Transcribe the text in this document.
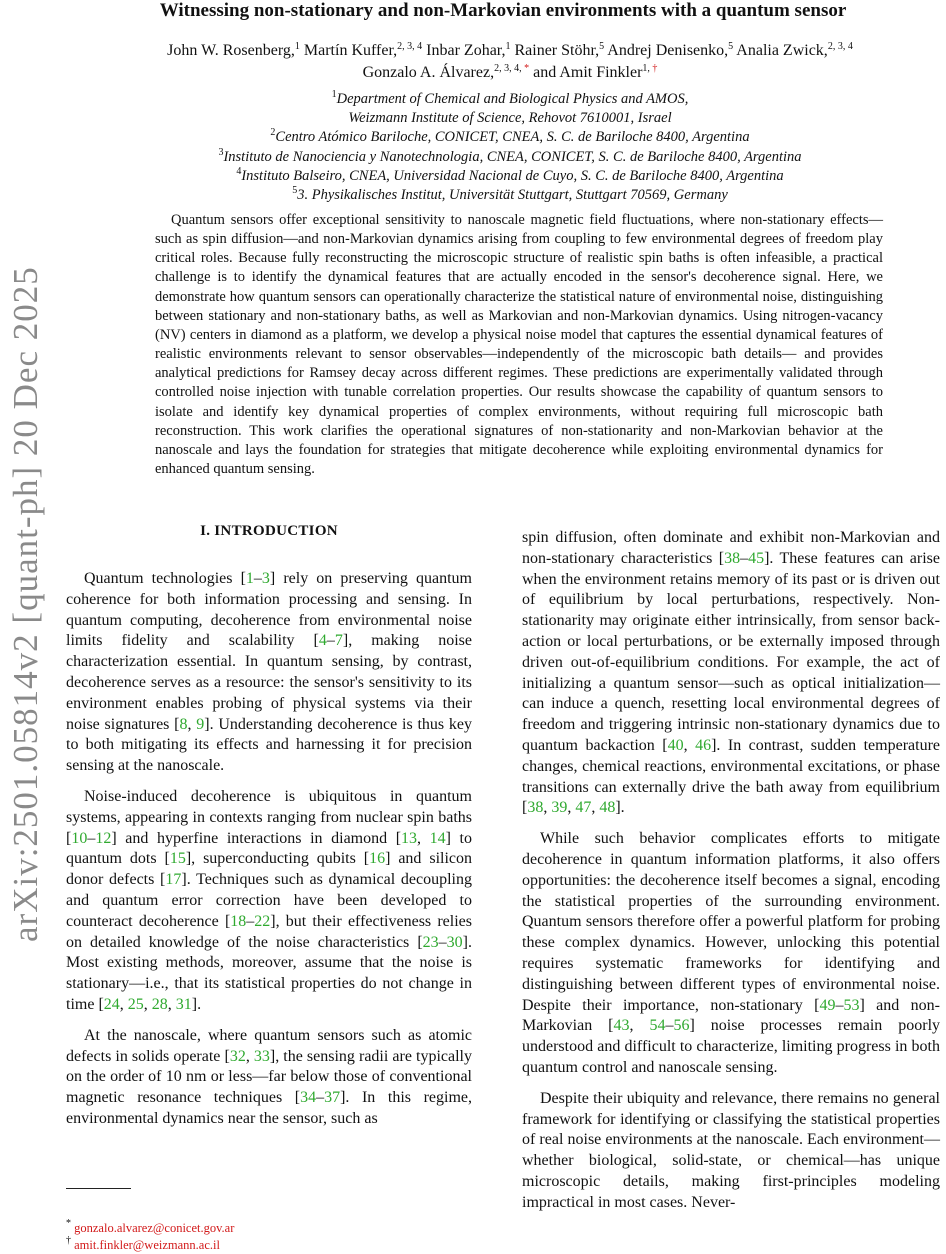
arXiv:2501.05814v2 [quant-ph] 20 Dec 2025
Witnessing non-stationary and non-Markovian environments with a quantum sensor
John W. Rosenberg,$^1$ Martín Kuffer,$^{2, 3, 4}$ Inbar Zohar,$^1$ Rainer Stöhr,$^5$ Andrej Denisenko,$^5$ Analia Zwick,$^{2, 3, 4}$ Gonzalo A. Álvarez,$^{2, 3, 4,}$ * and Amit Finkler$^{1,}$ †
$^1$Department of Chemical and Biological Physics and AMOS,
Weizmann Institute of Science, Rehovot 7610001, Israel
$^2$Centro Atómico Bariloche, CONICET, CNEA, S. C. de Bariloche 8400, Argentina
$^3$Instituto de Nanociencia y Nanotechnologia, CNEA, CONICET, S. C. de Bariloche 8400, Argentina
$^4$Instituto Balseiro, CNEA, Universidad Nacional de Cuyo, S. C. de Bariloche 8400, Argentina
$^5$3. Physikalisches Institut, Universität Stuttgart, Stuttgart 70569, Germany

Quantum sensors offer exceptional sensitivity to nanoscale magnetic field fluctuations, where non-stationary effects—such as spin diffusion—and non-Markovian dynamics arising from coupling to few environmental degrees of freedom play critical roles. Because fully reconstructing the microscopic structure of realistic spin baths is often infeasible, a practical challenge is to identify the dynamical features that are actually encoded in the sensor's decoherence signal. Here, we demonstrate how quantum sensors can operationally characterize the statistical nature of environmental noise, distinguishing between stationary and non-stationary baths, as well as Markovian and non-Markovian dynamics. Using nitrogen-vacancy (NV) centers in diamond as a platform, we develop a physical noise model that captures the essential dynamical features of realistic environments relevant to sensor observables—independently of the microscopic bath details— and provides analytical predictions for Ramsey decay across different regimes. These predictions are experimentally validated through controlled noise injection with tunable correlation properties. Our results showcase the capability of quantum sensors to isolate and identify key dynamical properties of complex environments, without requiring full microscopic bath reconstruction. This work clarifies the operational signatures of non-stationarity and non-Markovian behavior at the nanoscale and lays the foundation for strategies that mitigate decoherence while exploiting environmental dynamics for enhanced quantum sensing.

I. INTRODUCTION

Quantum technologies [1–3] rely on preserving quantum coherence for both information processing and sensing. In quantum computing, decoherence from environmental noise limits fidelity and scalability [4–7], making noise characterization essential. In quantum sensing, by contrast, decoherence serves as a resource: the sensor's sensitivity to its environment enables probing of physical systems via their noise signatures [8, 9]. Understanding decoherence is thus key to both mitigating its effects and harnessing it for precision sensing at the nanoscale.

Noise-induced decoherence is ubiquitous in quantum systems, appearing in contexts ranging from nuclear spin baths [10–12] and hyperfine interactions in diamond [13, 14] to quantum dots [15], superconducting qubits [16] and silicon donor defects [17]. Techniques such as dynamical decoupling and quantum error correction have been developed to counteract decoherence [18–22], but their effectiveness relies on detailed knowledge of the noise characteristics [23–30]. Most existing methods, moreover, assume that the noise is stationary—i.e., that its statistical properties do not change in time [24, 25, 28, 31].

At the nanoscale, where quantum sensors such as atomic defects in solids operate [32, 33], the sensing radii are typically on the order of 10 nm or less—far below those of conventional magnetic resonance techniques [34–37]. In this regime, environmental dynamics near the sensor, such as

spin diffusion, often dominate and exhibit non-Markovian and non-stationary characteristics [38–45]. These features can arise when the environment retains memory of its past or is driven out of equilibrium by local perturbations, respectively. Non-stationarity may originate either intrinsically, from sensor back-action or local perturbations, or be externally imposed through driven out-of-equilibrium conditions. For example, the act of initializing a quantum sensor—such as optical initialization—can induce a quench, resetting local environmental degrees of freedom and triggering intrinsic non-stationary dynamics due to quantum backaction [40, 46]. In contrast, sudden temperature changes, chemical reactions, environmental excitations, or phase transitions can externally drive the bath away from equilibrium [38, 39, 47, 48].

While such behavior complicates efforts to mitigate decoherence in quantum information platforms, it also offers opportunities: the decoherence itself becomes a signal, encoding the statistical properties of the surrounding environment. Quantum sensors therefore offer a powerful platform for probing these complex dynamics. However, unlocking this potential requires systematic frameworks for identifying and distinguishing between different types of environmental noise. Despite their importance, non-stationary [49–53] and non-Markovian [43, 54–56] noise processes remain poorly understood and difficult to characterize, limiting progress in both quantum control and nanoscale sensing.

Despite their ubiquity and relevance, there remains no general framework for identifying or classifying the statistical properties of real noise environments at the nanoscale. Each environment—whether biological, solid-state, or chemical—has unique microscopic details, making first-principles modeling impractical in most cases. Never-

* gonzalo.alvarez@conicet.gov.ar
† amit.finkler@weizmann.ac.il
